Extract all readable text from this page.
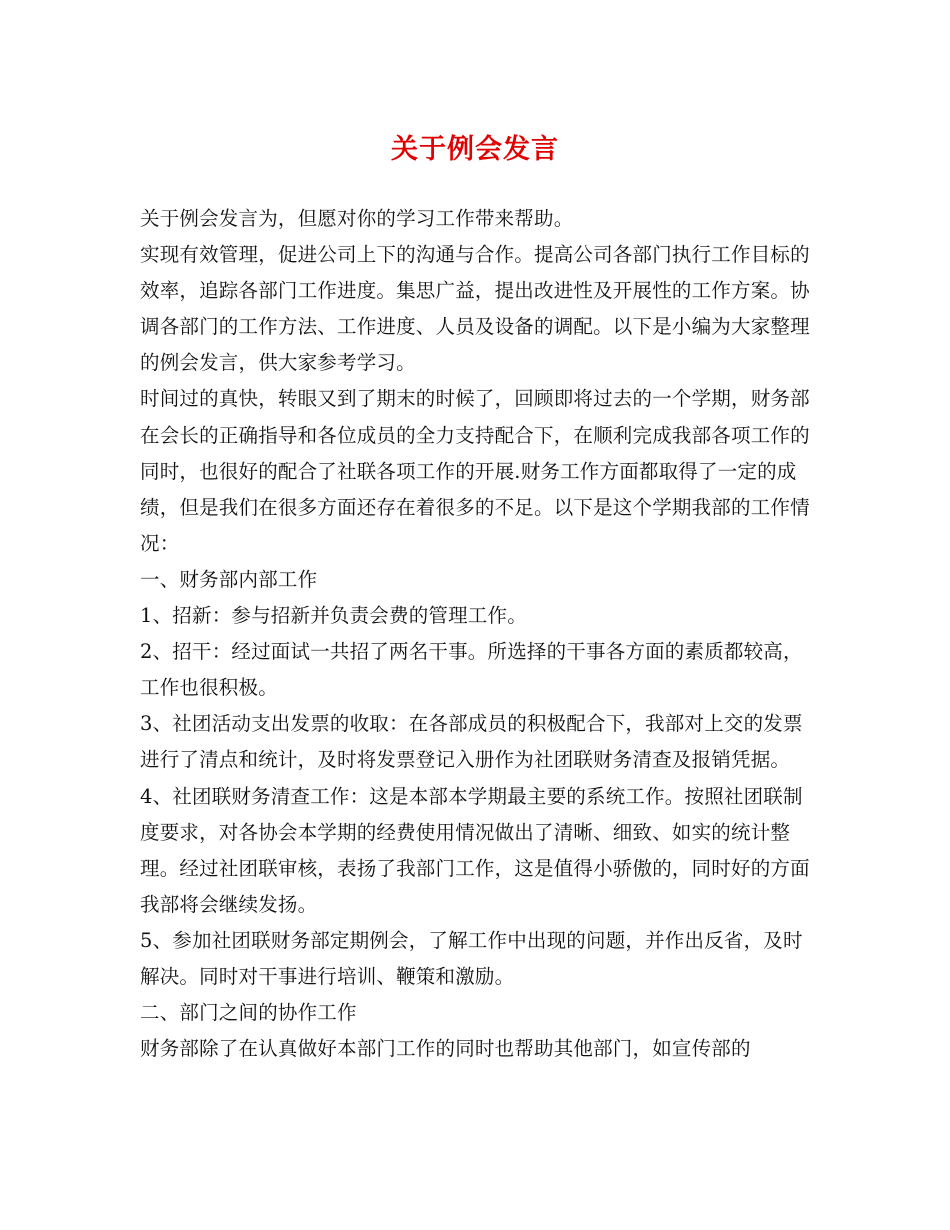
关于例会发言

关于例会发言为，但愿对你的学习工作带来帮助。

实现有效管理，促进公司上下的沟通与合作。提高公司各部门执行工作目标的效率，追踪各部门工作进度。集思广益，提出改进性及开展性的工作方案。协调各部门的工作方法、工作进度、人员及设备的调配。以下是小编为大家整理的例会发言，供大家参考学习。

时间过的真快，转眼又到了期末的时候了，回顾即将过去的一个学期，财务部在会长的正确指导和各位成员的全力支持配合下，在顺利完成我部各项工作的同时，也很好的配合了社联各项工作的开展.财务工作方面都取得了一定的成绩，但是我们在很多方面还存在着很多的不足。以下是这个学期我部的工作情况：

一、财务部内部工作

1、招新：参与招新并负责会费的管理工作。

2、招干：经过面试一共招了两名干事。所选择的干事各方面的素质都较高，工作也很积极。

3、社团活动支出发票的收取：在各部成员的积极配合下，我部对上交的发票进行了清点和统计，及时将发票登记入册作为社团联财务清查及报销凭据。

4、社团联财务清查工作：这是本部本学期最主要的系统工作。按照社团联制度要求，对各协会本学期的经费使用情况做出了清晰、细致、如实的统计整理。经过社团联审核，表扬了我部门工作，这是值得小骄傲的，同时好的方面我部将会继续发扬。

5、参加社团联财务部定期例会，了解工作中出现的问题，并作出反省，及时解决。同时对干事进行培训、鞭策和激励。

二、部门之间的协作工作

财务部除了在认真做好本部门工作的同时也帮助其他部门，如宣传部的
